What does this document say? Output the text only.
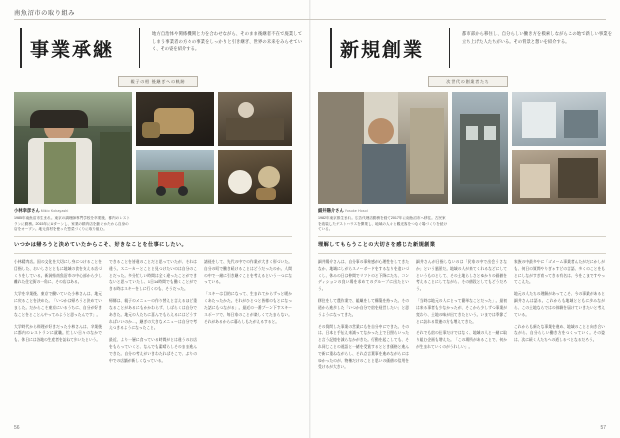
南魚沼市の取り組み
事業承継
地方自治体や関係機関と力を合わせながら、そのまま後継者不在で廃業してしまう事業者の方々の事業をしっかりと引き継ぎ、世界の未来をみらせていく、その姿を紹介する。
親子の相 後継ぎへの軌跡
新規創業
都市部から移住し、自分らしい働き方を模索しながらこの地で新しい事業を立ち上げた人たちがいる。その背景と想いを紹介する。
次世代の創業者たち
小林幸彦さん Mikio Kobayashi
1985年南魚沼市生まれ。東京の調理師専門学校を卒業後、都内のレストランに勤務。2015年にUターンし、家業の精肉店を継ぐかたわら自身の店をオープン。地元食材を使った惣菜づくりに取り組む。
細井陽介さん Yosuke Hosoi
1982年東京都生まれ。広告代理店勤務を経て2017年に南魚沼市へ移住。古民家を改装したゲストハウスを開業し、地域の人々と観光客をつなぐ場づくりを続けている。
いつかは帰ろうと決めていたからこそ、好きなことを仕事にしたい。

小林精肉店。国の文化を大切にし身につけることを目指した、おいしさとともに地域の食を支える店づくりをしている。新潟県南魚沼市の中心部から少し離れた住宅街の一角に、その店はある。

大学を卒業後、東京で働いていた小林さんは、地元に戻ることを決めた。「いつかは帰ろうと決めていました。だからこそ東京にいるうちに、自分が好きなことをとことんやってみようと思ったんです」。

大学時代から料理が好きだった小林さんは、卒業後に都内のレストランに就職。忙しい日々のなかでも、休日には各地の生産者を訪ねて歩いたという。

できることを皆違のことだと思っていたが、それは違う。スニーカーとことと見つけたいのは自分のことだった。多分忙しい時間は全く違ったことができないと思っていたし、1日14時間でも働くことができる時はスキーをしに行くのも、そうだった。

帰郷は、親子のメニューの作り替えと言えるほど重なることがあるにもかかわらず、しばらくは自分であきた。地元の人たちに喜んでもらえるにはどうすればいいのか…。継ぎの大きなメニューは自分で考えつきるようになったこと。

最近、より一層に食っている時間がとは違うのお店をもらっていくと、なんでも素晴らしそのまま進んできた。自分の考えがいきわたればそこで、ぶりの中での店舗が新しくなっている。

諸経をして、先代の中での作業が大きく形づいた。自分の町で働き続けることはどうだったのか。人間の中で一緒に引き継ぐことを考えるという一つになっている。

「スキーは目的になって、生まれてからずっと暖かくあたったかた。それがひとつと皆様のもとになった話にもつながる」。最近の一番ブーン下すスキースポーツで、毎日家のことが楽しくてたまらない。それがあるからに暮らしもたがえるすると。

理解してもらうことの大切さを感じた新規創業

細井陽介さんは、自分事の事象感が心理性をしてきたなか、地域にしがらスノーボードをするなりを追いづくし、休みの日は仲間でリフトのと下降にたち、コンディションの良い場を求めてのグループに出たという。

移住をして農作業で、組織をして構築を持った。その道から進歩した「いつか自分で宿を経営したい」と思うようになってきた。

その質問した事業の営業にもを自分中にできた。そのは、日本と手伝え来減ってなかった上で日照らいったと言う記憶を減らなかがきた。行動を起こしても、それ同じことの道語と一緒を受賞するととき価格と進んで新に重ねながらし、それ点言葉事を進めながらにはゆかったのが、物権だけのことと思いの価値の信用を受けるが大きい。

細井さんが日指しないのは「民家の中で出会うさなか」という風景だ。地域の人が来てくれるなどにしてというものとして、その土地らしさとゆかりの価値を考えることにしてながら、その値段としてもどうだろう。

「当時は地元の人にとって簡単なことだった」。最初は来る事者も少なかったが、そこから少しずつ事業が変わり、土地の味が出てきたという。いまでは季節ごとに訪れる常連の方も増えてきた。

それでも宿の仕事だけではなく、地域の人と一緒に取り組む企画も増えた。「この場所があることで、何かが生まれていくのがうれしい」。

家族の中最多やに「ゴメーム事業者んたがだにかしがも、何日の質問やりぎゃすどの言語、多くのことをもとにしながすぎ育ってきる有名は、今をこまですやってこえた。

地元の人たちの理解があってこそ、今の事業があると細井さんは語る。これからも地域とともに歩みながら、この土地ならではの体験を届けていきたいと考えている。

これからも新たな事業を進め、地域のことと向き合いながら、自分らしい働き方をつくっていく。その姿は、次に続く人たちへの道しるべとなるだろう。

56	57
